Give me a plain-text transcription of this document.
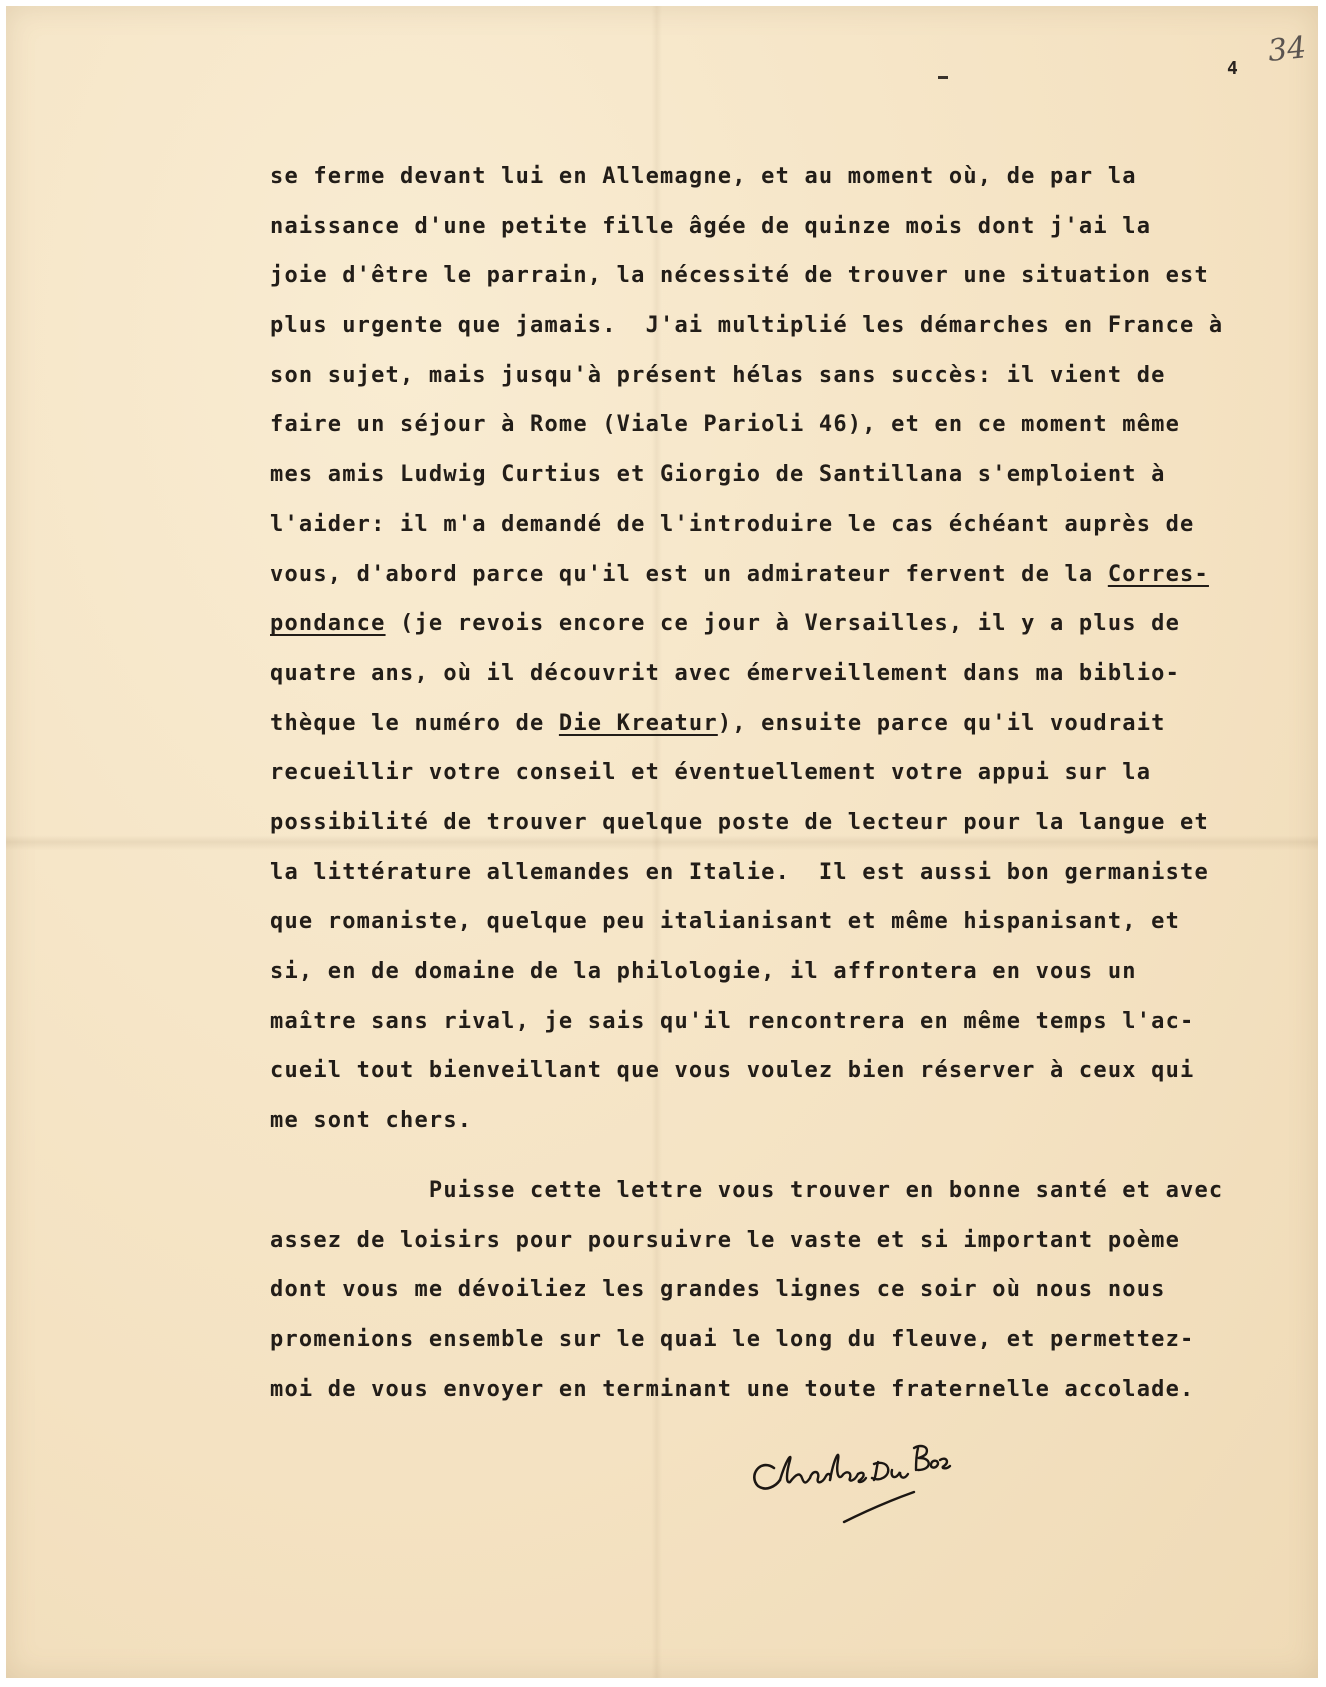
4 34
se ferme devant lui en Allemagne, et au moment où, de par la
naissance d'une petite fille âgée de quinze mois dont j'ai la
joie d'être le parrain, la nécessité de trouver une situation est
plus urgente que jamais.  J'ai multiplié les démarches en France à
son sujet, mais jusqu'à présent hélas sans succès: il vient de
faire un séjour à Rome (Viale Parioli 46), et en ce moment même
mes amis Ludwig Curtius et Giorgio de Santillana s'emploient à
l'aider: il m'a demandé de l'introduire le cas échéant auprès de
vous, d'abord parce qu'il est un admirateur fervent de la Corres-
pondance (je revois encore ce jour à Versailles, il y a plus de
quatre ans, où il découvrit avec émerveillement dans ma biblio-
thèque le numéro de Die Kreatur), ensuite parce qu'il voudrait
recueillir votre conseil et éventuellement votre appui sur la
possibilité de trouver quelque poste de lecteur pour la langue et
la littérature allemandes en Italie.  Il est aussi bon germaniste
que romaniste, quelque peu italianisant et même hispanisant, et
si, en de domaine de la philologie, il affrontera en vous un
maître sans rival, je sais qu'il rencontrera en même temps l'ac-
cueil tout bienveillant que vous voulez bien réserver à ceux qui
me sont chers.
Puisse cette lettre vous trouver en bonne santé et avec
assez de loisirs pour poursuivre le vaste et si important poème
dont vous me dévoiliez les grandes lignes ce soir où nous nous
promenions ensemble sur le quai le long du fleuve, et permettez-
moi de vous envoyer en terminant une toute fraternelle accolade.
